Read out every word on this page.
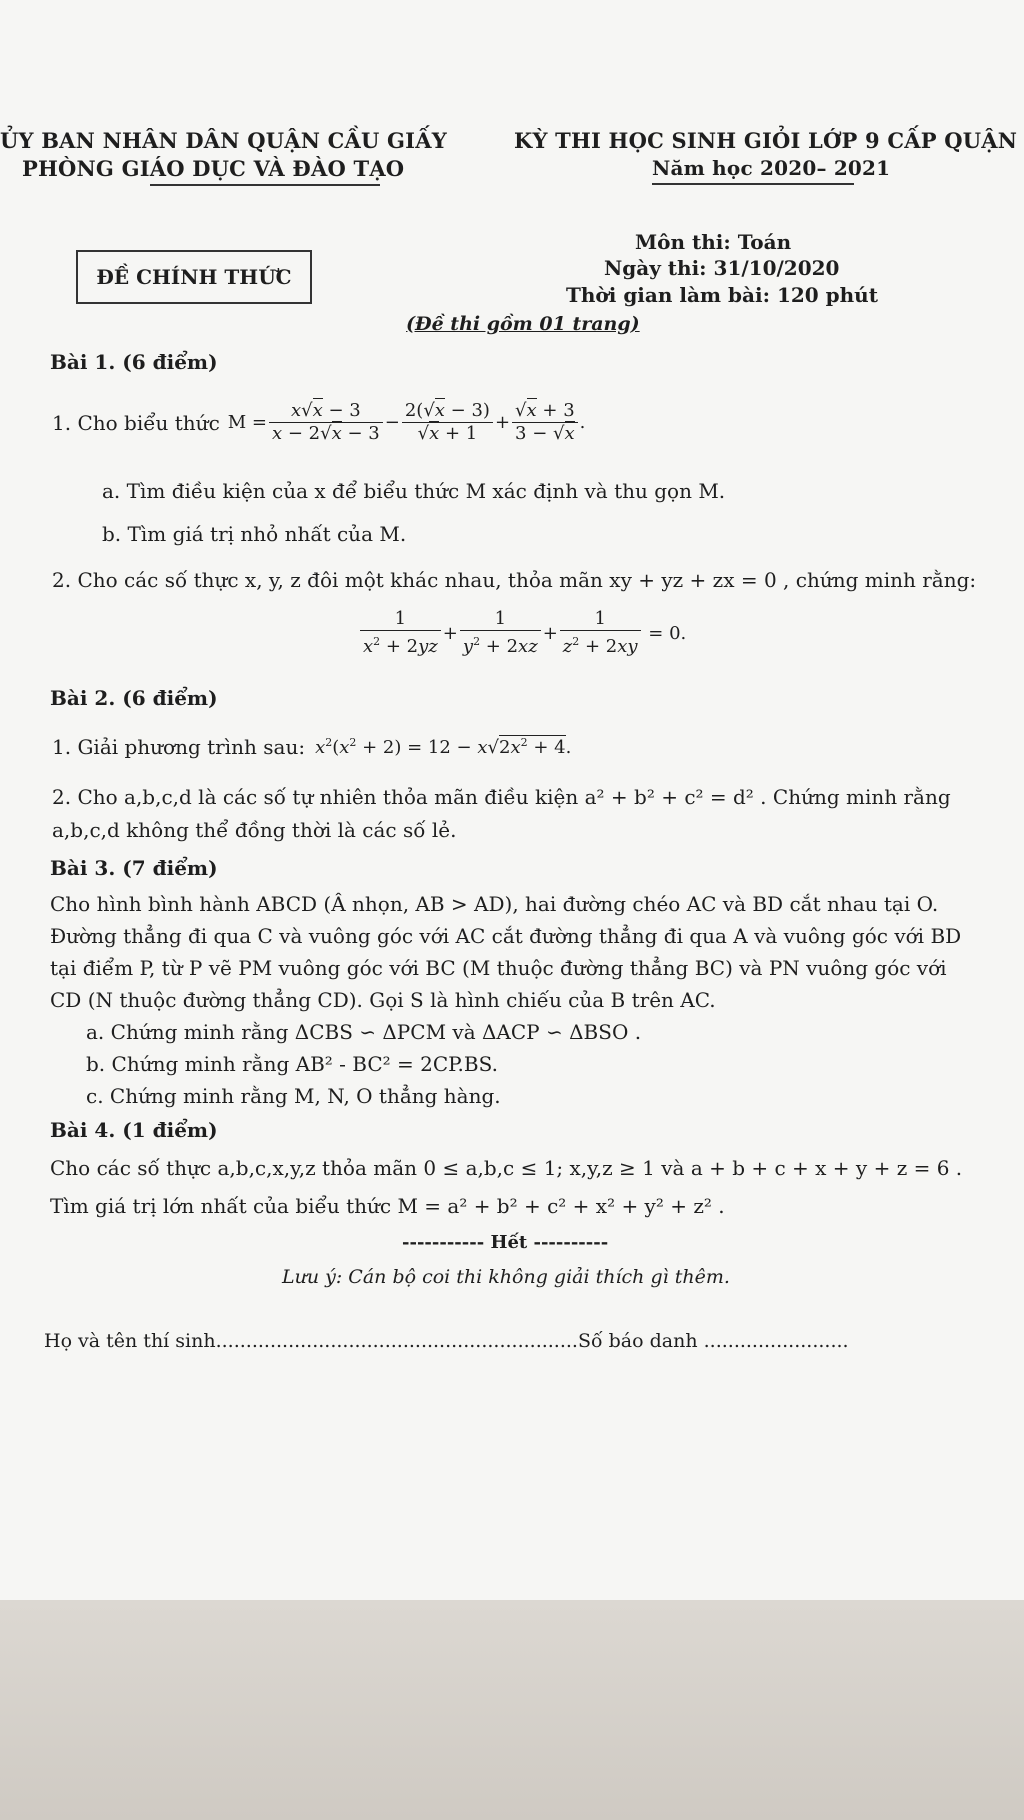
ỦY BAN NHÂN DÂN QUẬN CẦU GIẤY
PHÒNG GIÁO DỤC VÀ ĐÀO TẠO
KỲ THI HỌC SINH GIỎI LỚP 9 CẤP QUẬN
Năm học 2020– 2021
ĐỀ CHÍNH THỨC
Môn thi: Toán
Ngày thi: 31/10/2020
Thời gian làm bài: 120 phút
(Đề thi gồm 01 trang)
Bài 1. (6 điểm)
1. Cho biểu thức $M = \frac{x√x - 3}{x - 2√x - 3} - \frac{2(√x - 3)}{√x + 1} + \frac{√x + 3}{3 - √x}$ .
a. Tìm điều kiện của x để biểu thức M xác định và thu gọn M.
b. Tìm giá trị nhỏ nhất của M.
2. Cho các số thực x, y, z đôi một khác nhau, thỏa mãn xy + yz + zx = 0 , chứng minh rằng:
$\frac{1}{x^2 + 2yz} + \frac{1}{y^2 + 2xz} + \frac{1}{z^2 + 2xy} = 0$.
Bài 2. (6 điểm)
1. Giải phương trình sau: $x^2(x^2 + 2) = 12 - x√2x^2 + 4$.
2. Cho a,b,c,d là các số tự nhiên thỏa mãn điều kiện a² + b² + c² = d² . Chứng minh rằng
a,b,c,d không thể đồng thời là các số lẻ.
Bài 3. (7 điểm)
Cho hình bình hành ABCD (Â nhọn, AB > AD), hai đường chéo AC và BD cắt nhau tại O.
Đường thẳng đi qua C và vuông góc với AC cắt đường thẳng đi qua A và vuông góc với BD
tại điểm P, từ P vẽ PM vuông góc với BC (M thuộc đường thẳng BC) và PN vuông góc với
CD (N thuộc đường thẳng CD). Gọi S là hình chiếu của B trên AC.
a. Chứng minh rằng ΔCBS ∽ ΔPCM và ΔACP ∽ ΔBSO .
b. Chứng minh rằng AB² - BC² = 2CP.BS.
c. Chứng minh rằng M, N, O thẳng hàng.
Bài 4. (1 điểm)
Cho các số thực a,b,c,x,y,z thỏa mãn 0 ≤ a,b,c ≤ 1; x,y,z ≥ 1 và a + b + c + x + y + z = 6 .
Tìm giá trị lớn nhất của biểu thức M = a² + b² + c² + x² + y² + z² .
----------- Hết ----------
Lưu ý: Cán bộ coi thi không giải thích gì thêm.
Họ và tên thí sinh............................................................Số báo danh ........................
